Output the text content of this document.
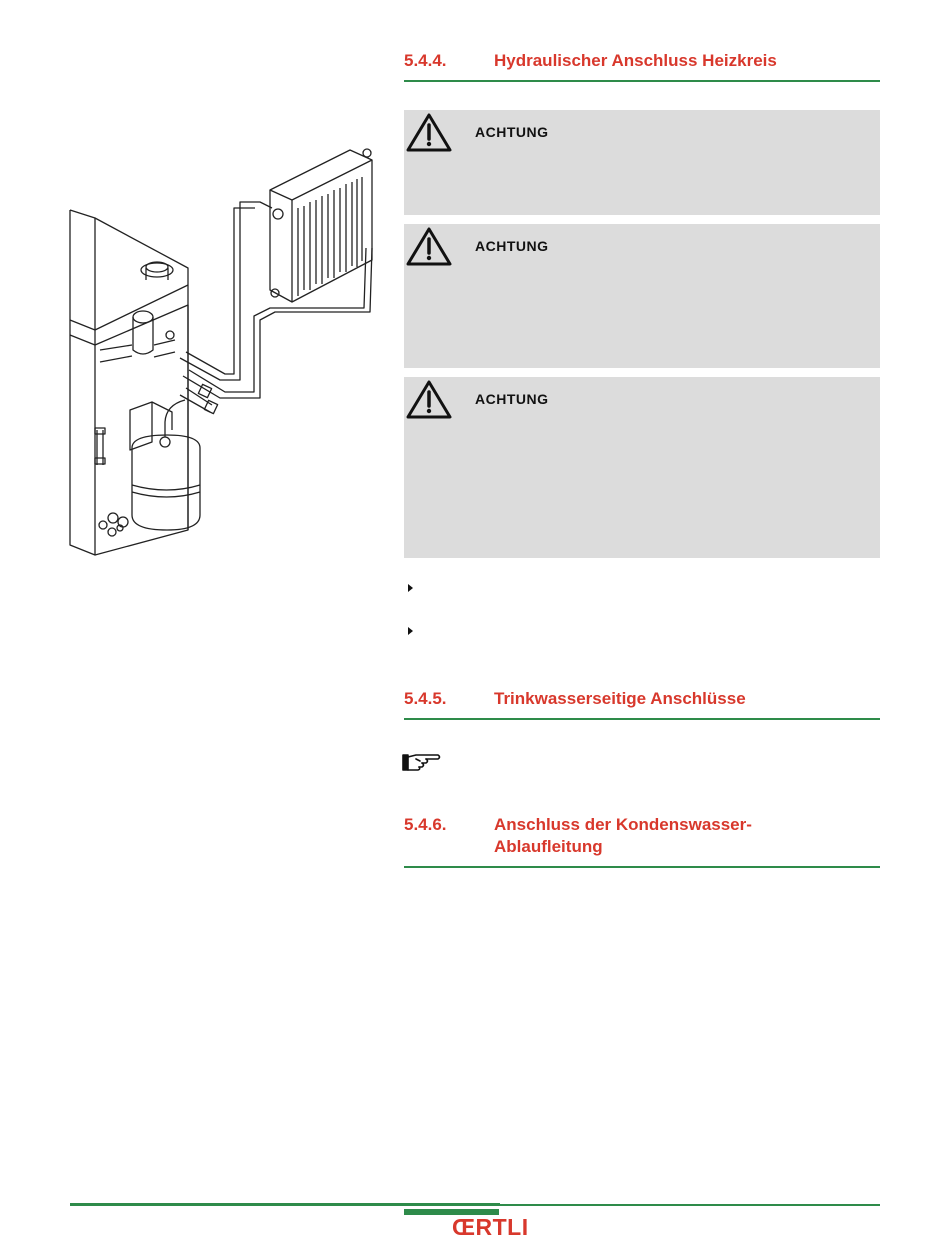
5.4.4.	Hydraulischer Anschluss Heizkreis
ACHTUNG
ACHTUNG
ACHTUNG
5.4.5.	Trinkwasserseitige Anschlüsse
5.4.6.	Anschluss der Kondenswasser-
Ablaufleitung
ŒRTLI
